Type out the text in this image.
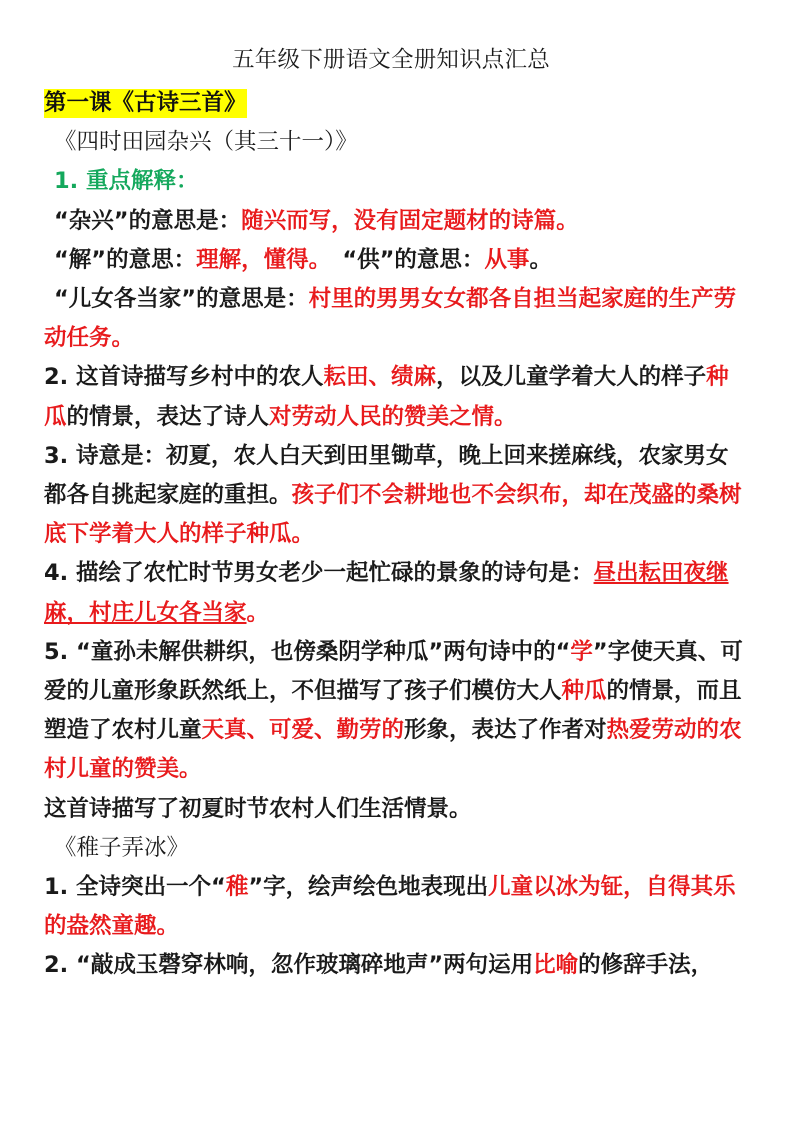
五年级下册语文全册知识点汇总

第一课《古诗三首》

《四时田园杂兴（其三十一）》

1. 重点解释：

“杂兴”的意思是：随兴而写，没有固定题材的诗篇。

“解”的意思：理解，懂得。　“供”的意思：从事。

“儿女各当家”的意思是：村里的男男女女都各自担当起家庭的生产劳动任务。

2. 这首诗描写乡村中的农人耘田、绩麻，以及儿童学着大人的样子种瓜的情景，表达了诗人对劳动人民的赞美之情。

3. 诗意是：初夏，农人白天到田里锄草，晚上回来搓麻线，农家男女都各自挑起家庭的重担。孩子们不会耕地也不会织布，却在茂盛的桑树底下学着大人的样子种瓜。

4. 描绘了农忙时节男女老少一起忙碌的景象的诗句是：昼出耘田夜继麻，村庄儿女各当家。

5. “童孙未解供耕织，也傍桑阴学种瓜”两句诗中的“学”字使天真、可爱的儿童形象跃然纸上，不但描写了孩子们模仿大人种瓜的情景，而且塑造了农村儿童天真、可爱、勤劳的形象，表达了作者对热爱劳动的农村儿童的赞美。

这首诗描写了初夏时节农村人们生活情景。

《稚子弄冰》

1. 全诗突出一个“稚”字，绘声绘色地表现出儿童以冰为钲，自得其乐的盎然童趣。

2. “敲成玉磬穿林响，忽作玻璃碎地声”两句运用比喻的修辞手法，
